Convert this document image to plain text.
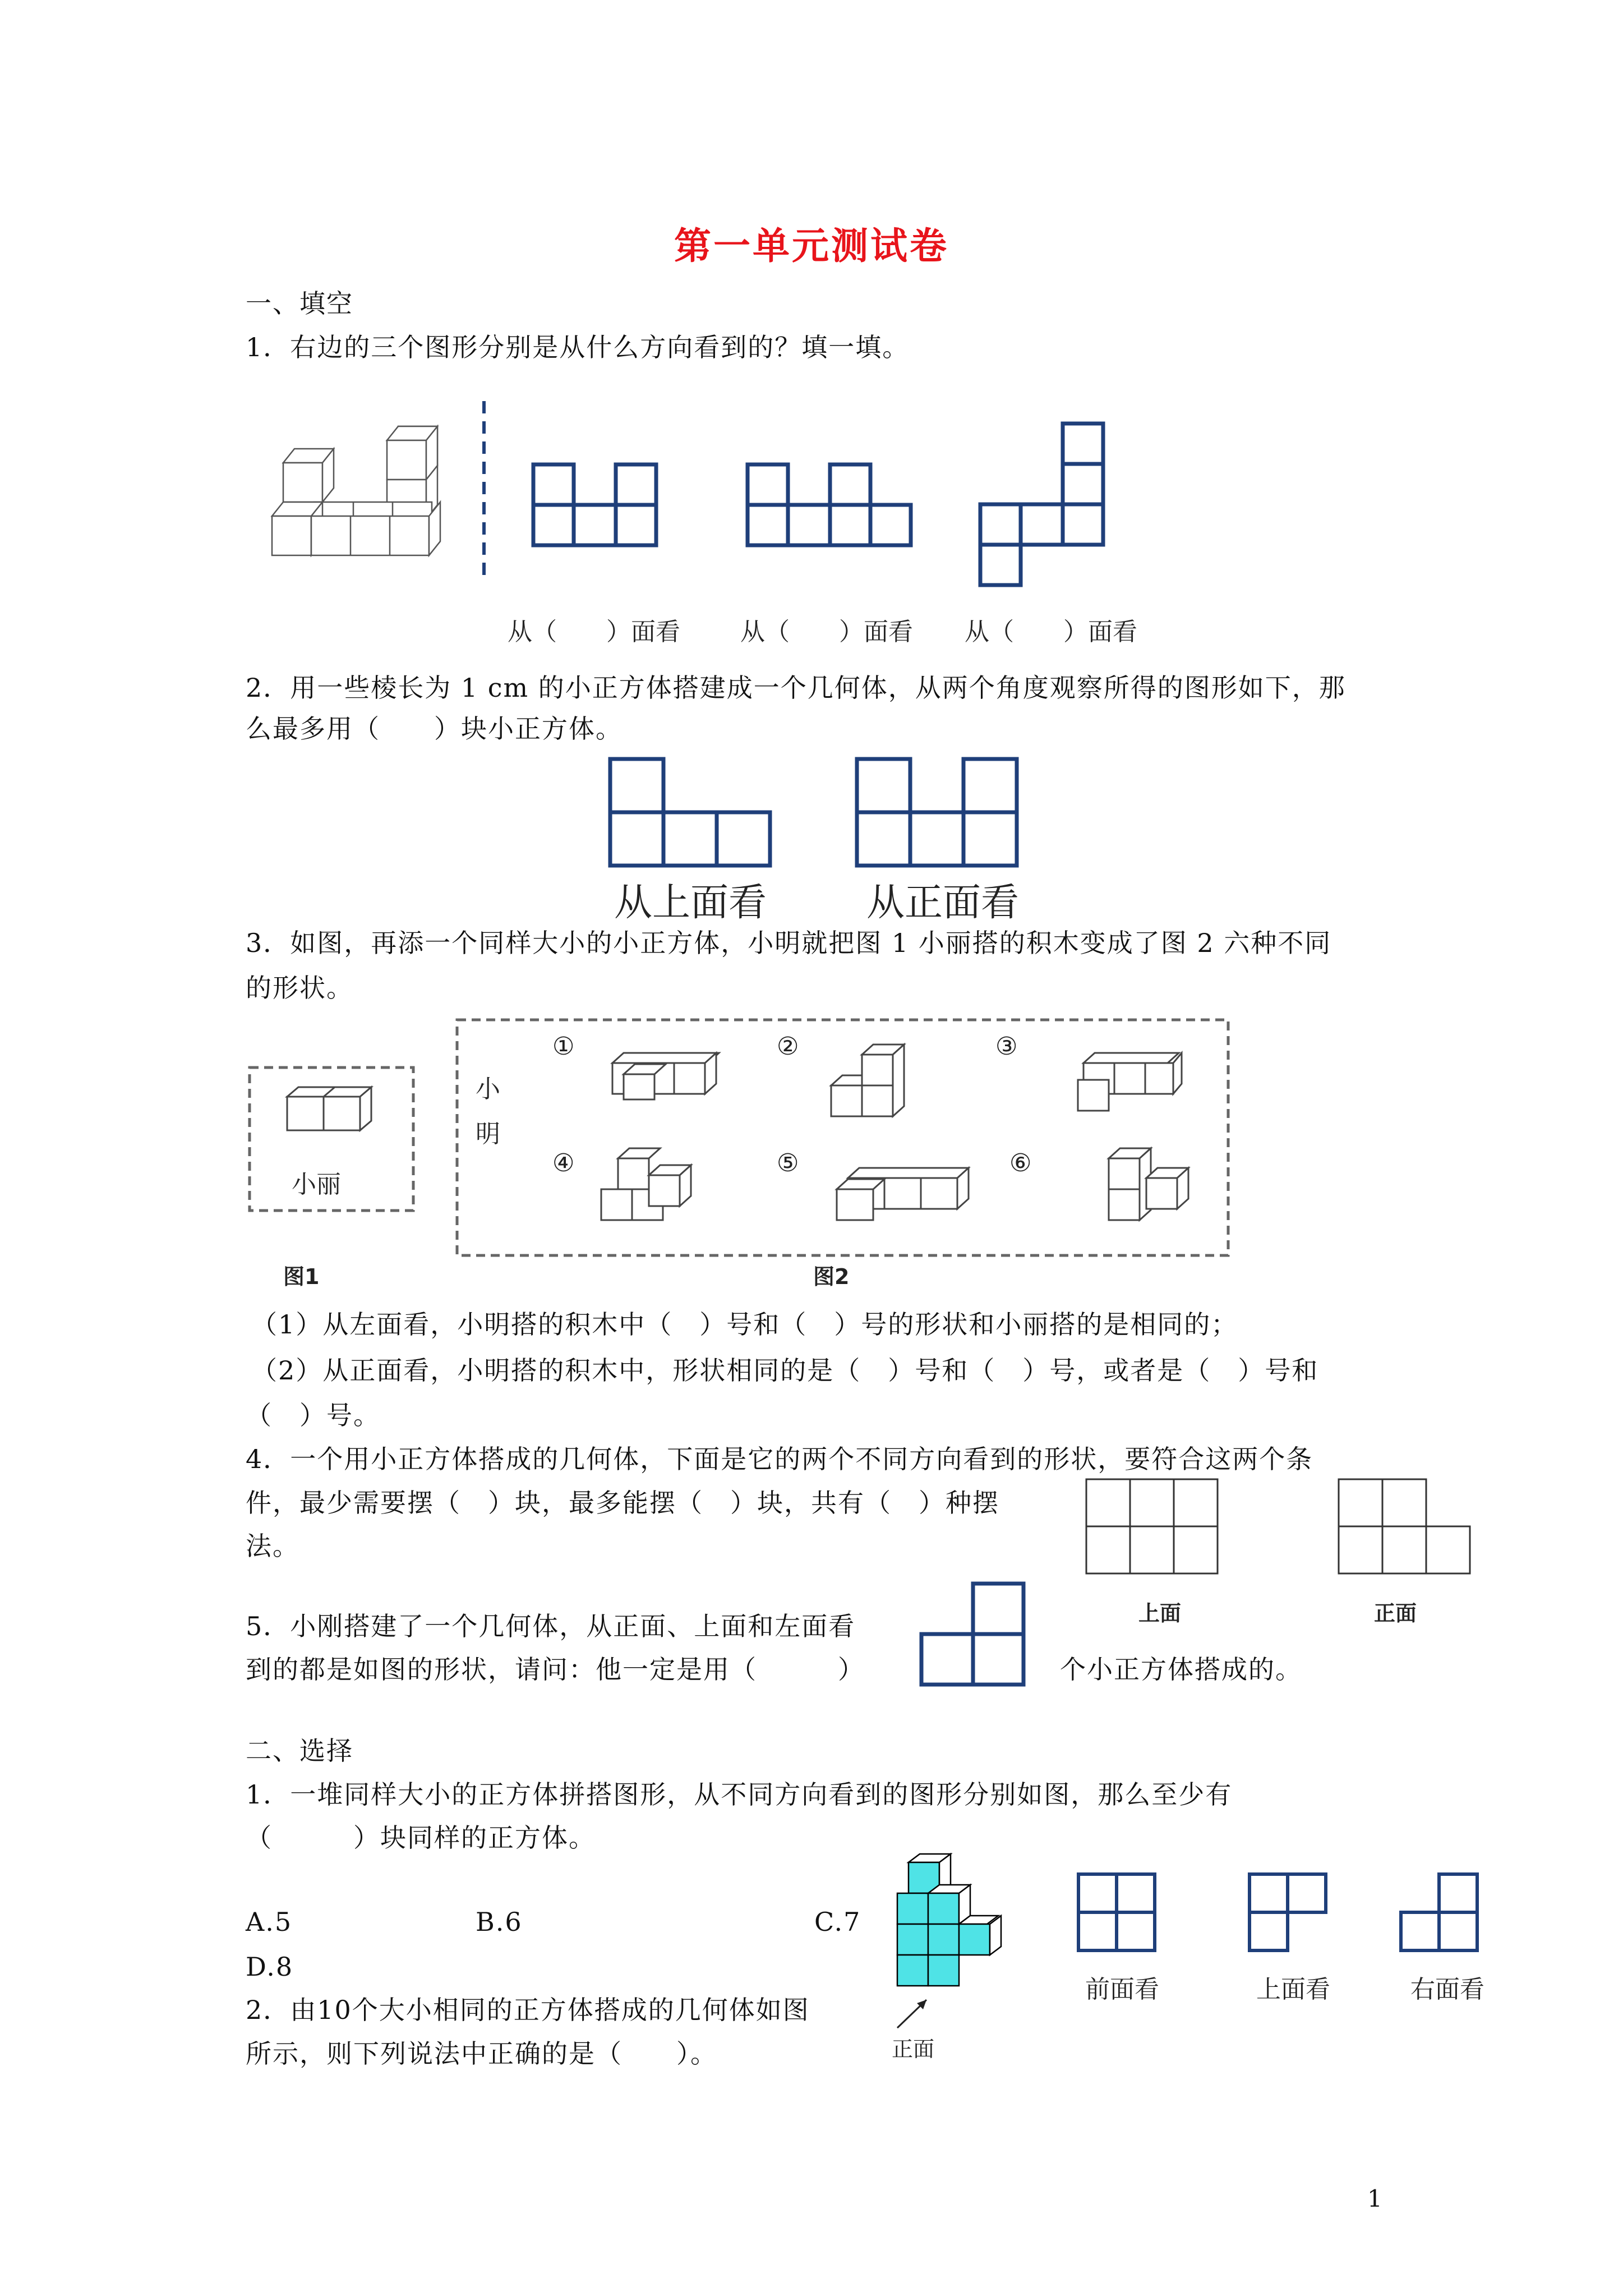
第一单元测试卷
一、填空
1．右边的三个图形分别是从什么方向看到的？填一填。
从（　　）面看 从（　　）面看 从（　　）面看
2．用一些棱长为 1 cm 的小正方体搭建成一个几何体，从两个角度观察所得的图形如下，那
么最多用（　　）块小正方体。
从上面看	从正面看
3．如图，再添一个同样大小的小正方体，小明就把图 1 小丽搭的积木变成了图 2 六种不同
的形状。
小丽
图1
小
明
①	②	③
④	⑤	⑥
图2
（1）从左面看，小明搭的积木中（　）号和（　）号的形状和小丽搭的是相同的；
（2）从正面看，小明搭的积木中，形状相同的是（　）号和（　）号，或者是（　）号和
（　）号。
4．一个用小正方体搭成的几何体，下面是它的两个不同方向看到的形状，要符合这两个条
件，最少需要摆（　）块，最多能摆（　）块，共有（　）种摆
法。
上面	正面
5．小刚搭建了一个几何体，从正面、上面和左面看
到的都是如图的形状，请问：他一定是用（　　　）	个小正方体搭成的。
二、选择
1．一堆同样大小的正方体拼搭图形，从不同方向看到的图形分别如图，那么至少有
（　　　）块同样的正方体。
A.5	B.6	C.7
D.8
正面
前面看	上面看	右面看
2．由10个大小相同的正方体搭成的几何体如图
所示，则下列说法中正确的是（　　）。
1
